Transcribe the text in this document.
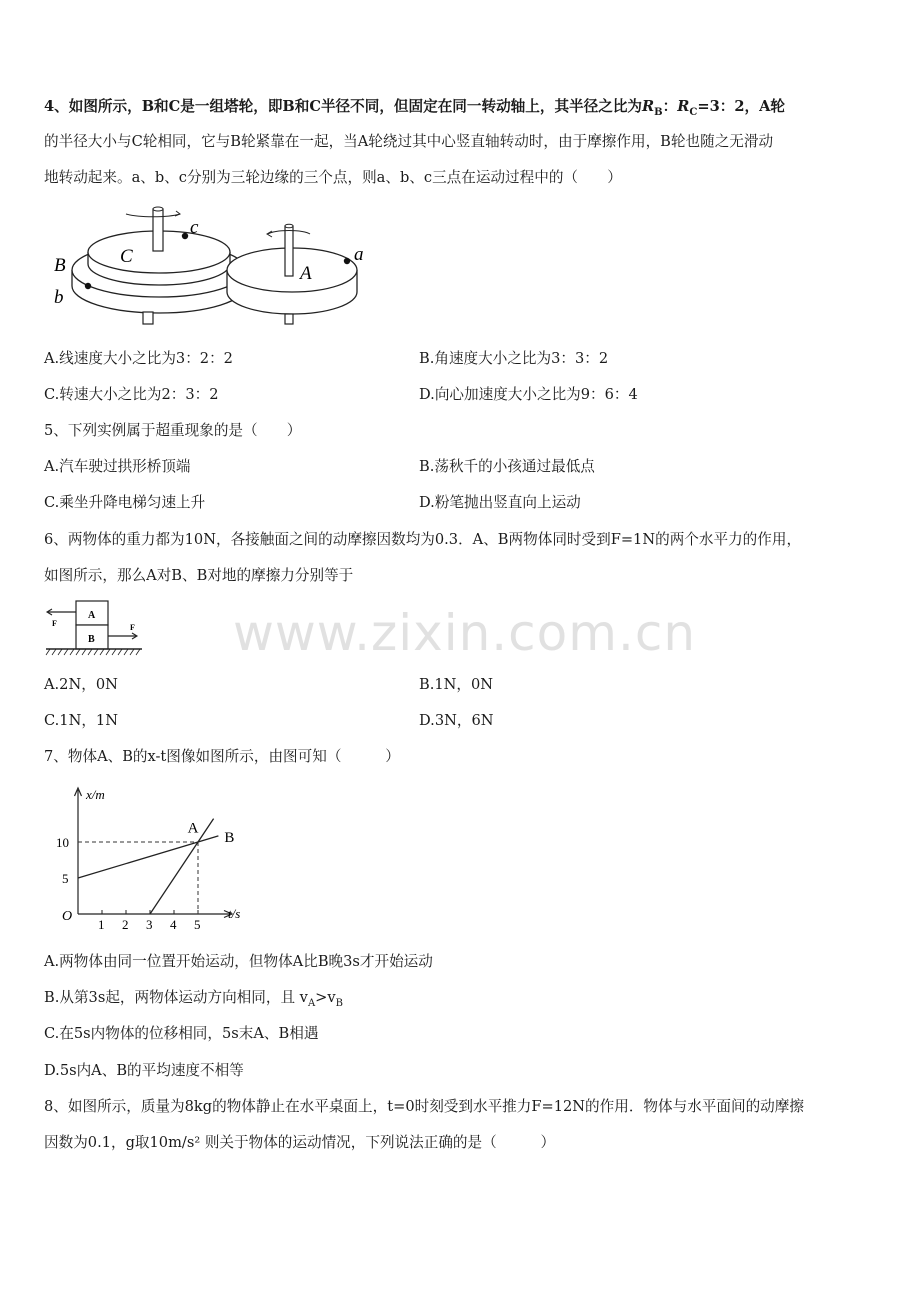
www.zixin.com.cn
4、如图所示，B和C是一组塔轮，即B和C半径不同，但固定在同一转动轴上，其半径之比为$R_B$：$R_C=3$：2，A轮
的半径大小与C轮相同，它与B轮紧靠在一起，当A轮绕过其中心竖直轴转动时，由于摩擦作用，B轮也随之无滑动
地转动起来。a、b、c分别为三轮边缘的三个点，则a、b、c三点在运动过程中的（　　）
B
b
C
c
A
a
A.线速度大小之比为3：2：2	B.角速度大小之比为3：3：2
C.转速大小之比为2：3：2	D.向心加速度大小之比为9：6：4
5、下列实例属于超重现象的是（　　）
A.汽车驶过拱形桥顶端	B.荡秋千的小孩通过最低点
C.乘坐升降电梯匀速上升	D.粉笔抛出竖直向上运动
6、两物体的重力都为10N，各接触面之间的动摩擦因数均为0.3．A、B两物体同时受到F=1N的两个水平力的作用，
如图所示，那么A对B、B对地的摩擦力分别等于
A
B
F	F
A.2N，0N	B.1N，0N
C.1N，1N	D.3N，6N
7、物体A、B的x-t图像如图所示，由图可知（　　　）
x/m
t/s
O
1 2 3 4 5
5
10
A
B
A.两物体由同一位置开始运动，但物体A比B晚3s才开始运动
B.从第3s起，两物体运动方向相同，且 $v_A>v_B$
C.在5s内物体的位移相同，5s末A、B相遇
D.5s内A、B的平均速度不相等
8、如图所示，质量为8kg的物体静止在水平桌面上，t=0时刻受到水平推力F=12N的作用．物体与水平面间的动摩擦
因数为0.1，g取10m/s² 则关于物体的运动情况，下列说法正确的是（　　　）
